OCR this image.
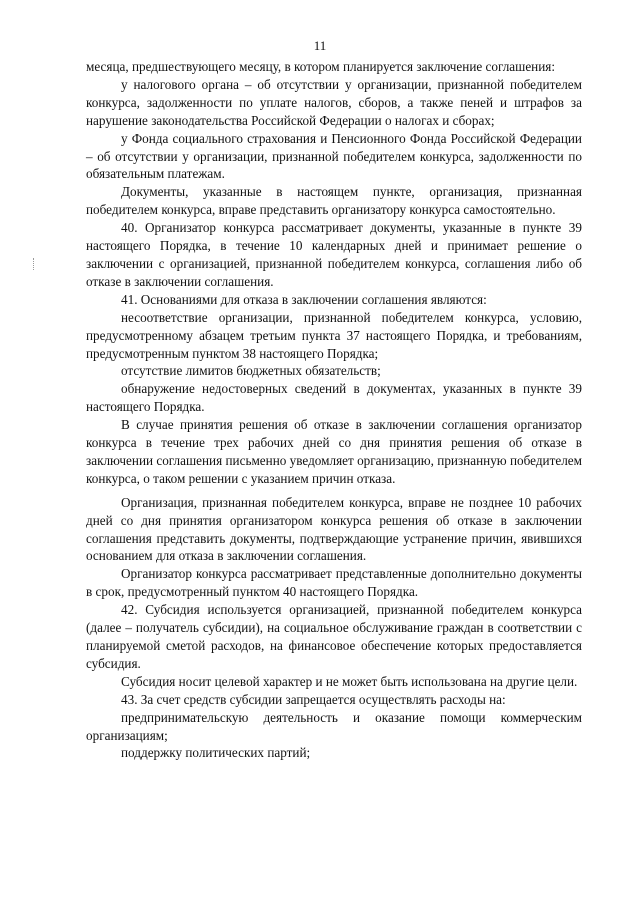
11

месяца, предшествующего месяцу, в котором планируется заключение соглашения:

у налогового органа – об отсутствии у организации, признанной победителем конкурса, задолженности по уплате налогов, сборов, а также пеней и штрафов за нарушение законодательства Российской Федерации о налогах и сборах;

у Фонда социального страхования и Пенсионного Фонда Российской Федерации – об отсутствии у организации, признанной победителем конкурса, задолженности по обязательным платежам.

Документы, указанные в настоящем пункте, организация, признанная победителем конкурса, вправе представить организатору конкурса самостоятельно.

40. Организатор конкурса рассматривает документы, указанные в пункте 39 настоящего Порядка, в течение 10 календарных дней и принимает решение о заключении с организацией, признанной победителем конкурса, соглашения либо об отказе в заключении соглашения.

41. Основаниями для отказа в заключении соглашения являются:

несоответствие организации, признанной победителем конкурса, условию, предусмотренному абзацем третьим пункта 37 настоящего Порядка, и требованиям, предусмотренным пунктом 38 настоящего Порядка;

отсутствие лимитов бюджетных обязательств;

обнаружение недостоверных сведений в документах, указанных в пункте 39 настоящего Порядка.

В случае принятия решения об отказе в заключении соглашения организатор конкурса в течение трех рабочих дней со дня принятия решения об отказе в заключении соглашения письменно уведомляет организацию, признанную победителем конкурса, о таком решении с указанием причин отказа.

Организация, признанная победителем конкурса, вправе не позднее 10 рабочих дней со дня принятия организатором конкурса решения об отказе в заключении соглашения представить документы, подтверждающие устранение причин, явившихся основанием для отказа в заключении соглашения.

Организатор конкурса рассматривает представленные дополнительно документы в срок, предусмотренный пунктом 40 настоящего Порядка.

42. Субсидия используется организацией, признанной победителем конкурса (далее – получатель субсидии), на социальное обслуживание граждан в соответствии с планируемой сметой расходов, на финансовое обеспечение которых предоставляется субсидия.

Субсидия носит целевой характер и не может быть использована на другие цели.

43. За счет средств субсидии запрещается осуществлять расходы на:

предпринимательскую деятельность и оказание помощи коммерческим организациям;

поддержку политических партий;
